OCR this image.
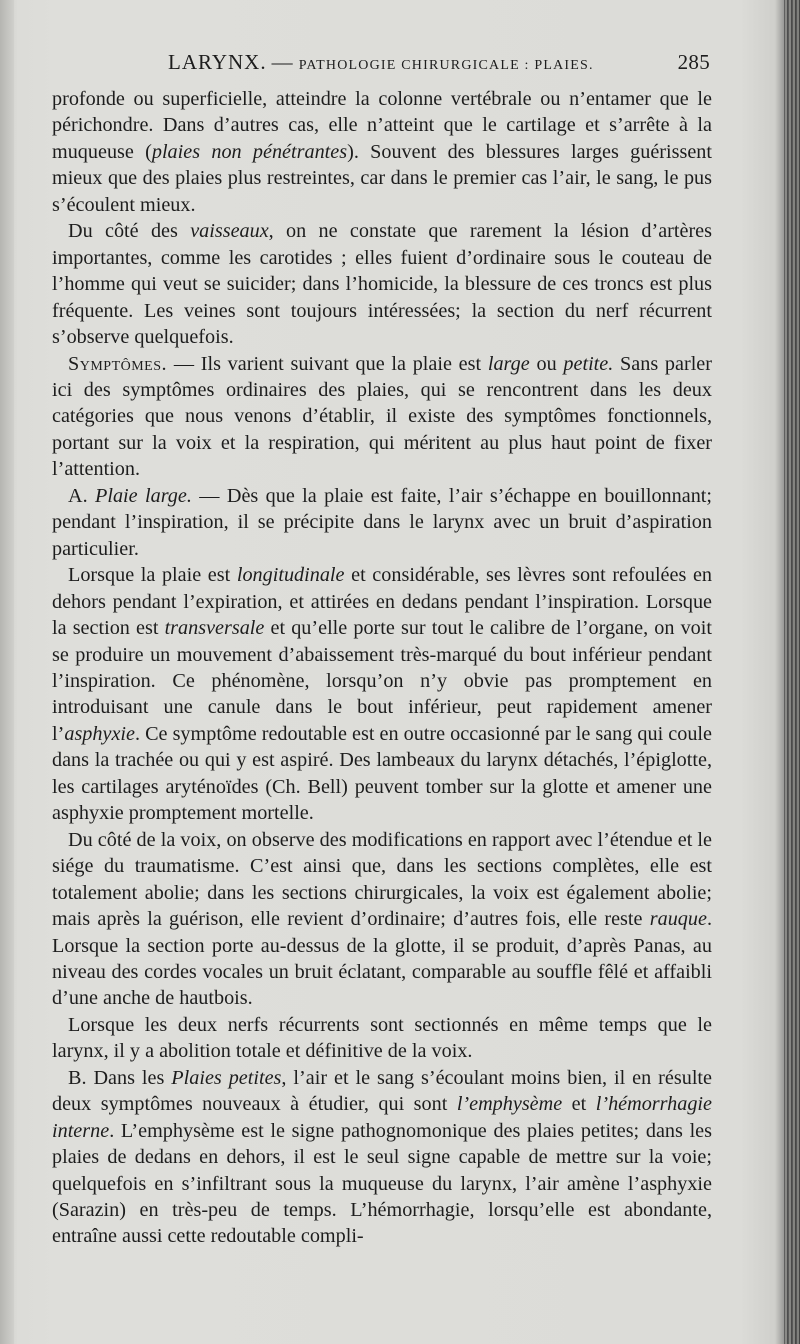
LARYNX. — PATHOLOGIE CHIRURGICALE : PLAIES.	285

profonde ou superficielle, atteindre la colonne vertébrale ou n’entamer que le périchondre. Dans d’autres cas, elle n’atteint que le cartilage et s’arrête à la muqueuse (plaies non pénétrantes). Souvent des blessures larges guérissent mieux que des plaies plus restreintes, car dans le premier cas l’air, le sang, le pus s’écoulent mieux.

Du côté des vaisseaux, on ne constate que rarement la lésion d’artères importantes, comme les carotides ; elles fuient d’ordinaire sous le couteau de l’homme qui veut se suicider; dans l’homicide, la blessure de ces troncs est plus fréquente. Les veines sont toujours intéressées; la section du nerf récurrent s’observe quelquefois.

Symptômes. — Ils varient suivant que la plaie est large ou petite. Sans parler ici des symptômes ordinaires des plaies, qui se rencontrent dans les deux catégories que nous venons d’établir, il existe des symptômes fonctionnels, portant sur la voix et la respiration, qui méritent au plus haut point de fixer l’attention.

A. Plaie large. — Dès que la plaie est faite, l’air s’échappe en bouillonnant; pendant l’inspiration, il se précipite dans le larynx avec un bruit d’aspiration particulier.

Lorsque la plaie est longitudinale et considérable, ses lèvres sont refoulées en dehors pendant l’expiration, et attirées en dedans pendant l’inspiration. Lorsque la section est transversale et qu’elle porte sur tout le calibre de l’organe, on voit se produire un mouvement d’abaissement très-marqué du bout inférieur pendant l’inspiration. Ce phénomène, lorsqu’on n’y obvie pas promptement en introduisant une canule dans le bout inférieur, peut rapidement amener l’asphyxie. Ce symptôme redoutable est en outre occasionné par le sang qui coule dans la trachée ou qui y est aspiré. Des lambeaux du larynx détachés, l’épiglotte, les cartilages aryténoïdes (Ch. Bell) peuvent tomber sur la glotte et amener une asphyxie promptement mortelle.

Du côté de la voix, on observe des modifications en rapport avec l’étendue et le siége du traumatisme. C’est ainsi que, dans les sections complètes, elle est totalement abolie; dans les sections chirurgicales, la voix est également abolie; mais après la guérison, elle revient d’ordinaire; d’autres fois, elle reste rauque. Lorsque la section porte au-dessus de la glotte, il se produit, d’après Panas, au niveau des cordes vocales un bruit éclatant, comparable au souffle fêlé et affaibli d’une anche de hautbois.

Lorsque les deux nerfs récurrents sont sectionnés en même temps que le larynx, il y a abolition totale et définitive de la voix.

B. Dans les Plaies petites, l’air et le sang s’écoulant moins bien, il en résulte deux symptômes nouveaux à étudier, qui sont l’emphysème et l’hémorrhagie interne. L’emphysème est le signe pathognomonique des plaies petites; dans les plaies de dedans en dehors, il est le seul signe capable de mettre sur la voie; quelquefois en s’infiltrant sous la muqueuse du larynx, l’air amène l’asphyxie (Sarazin) en très-peu de temps. L’hémorrhagie, lorsqu’elle est abondante, entraîne aussi cette redoutable compli-
